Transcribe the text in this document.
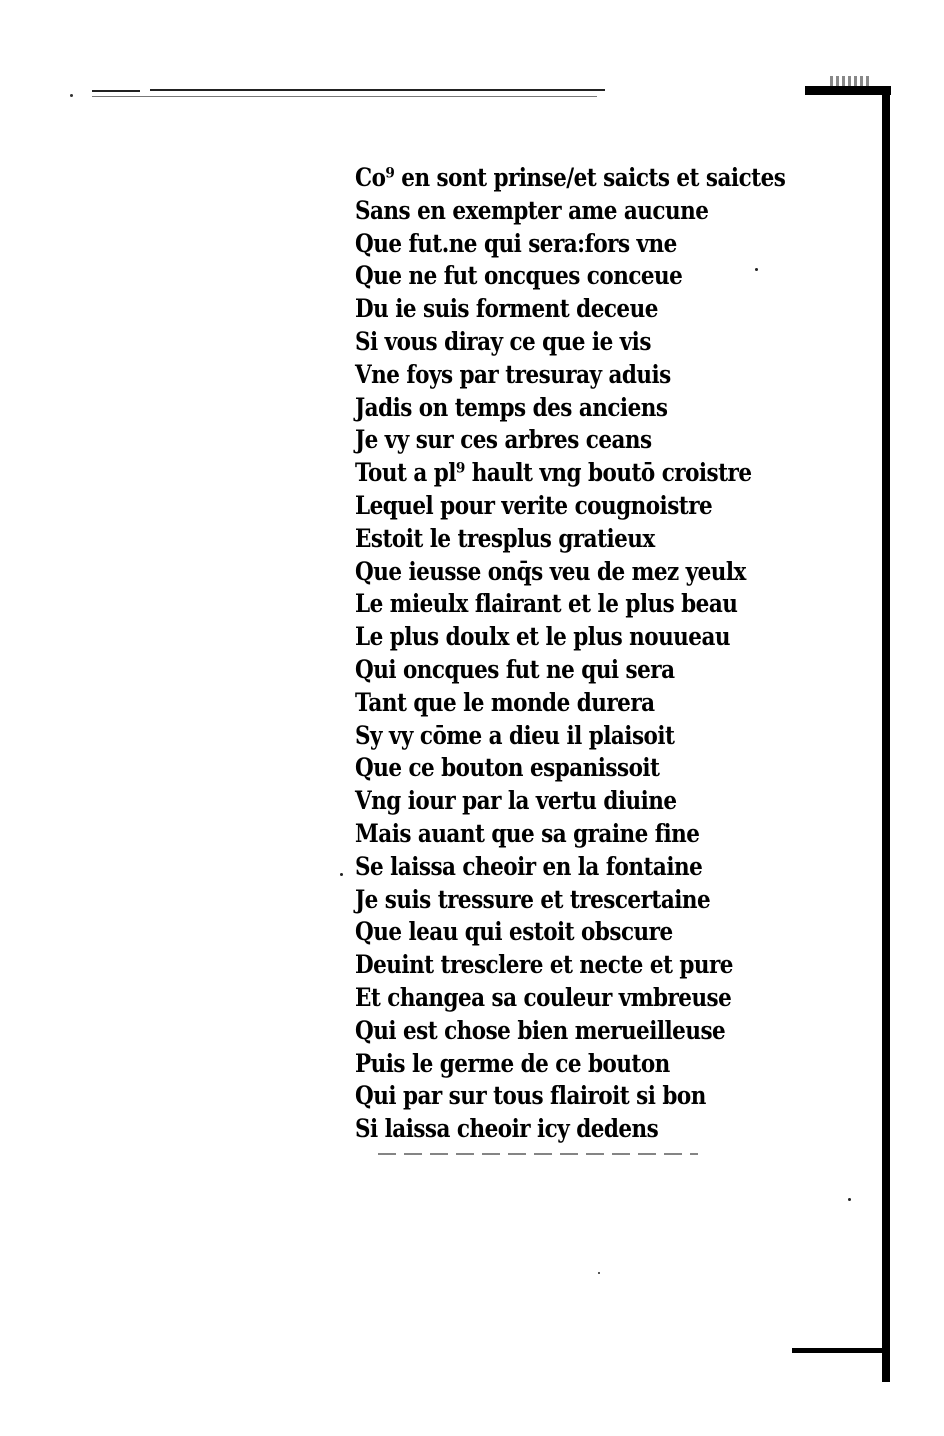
Co⁹ en sont prinse/et saicts et saictes
Sans en exempter ame aucune
Que fut.ne qui sera:fors vne
Que ne fut oncques conceue
Du ie suis forment deceue
Si vous diray ce que ie vis
Vne foys par tresuray aduis
Jadis on temps des anciens
Je vy sur ces arbres ceans
Tout a pl⁹ hault vng boutō croistre
Lequel pour verite cougnoistre
Estoit le tresplus gratieux
Que ieusse onq̄s veu de mez yeulx
Le mieulx flairant et le plus beau
Le plus doulx et le plus nouueau
Qui oncques fut ne qui sera
Tant que le monde durera
Sy vy cōme a dieu il plaisoit
Que ce bouton espanissoit
Vng iour par la vertu diuine
Mais auant que sa graine fine
Se laissa cheoir en la fontaine
Je suis tressure et trescertaine
Que leau qui estoit obscure
Deuint tresclere et necte et pure
Et changea sa couleur vmbreuse
Qui est chose bien merueilleuse
Puis le germe de ce bouton
Qui par sur tous flairoit si bon
Si laissa cheoir icy dedens
